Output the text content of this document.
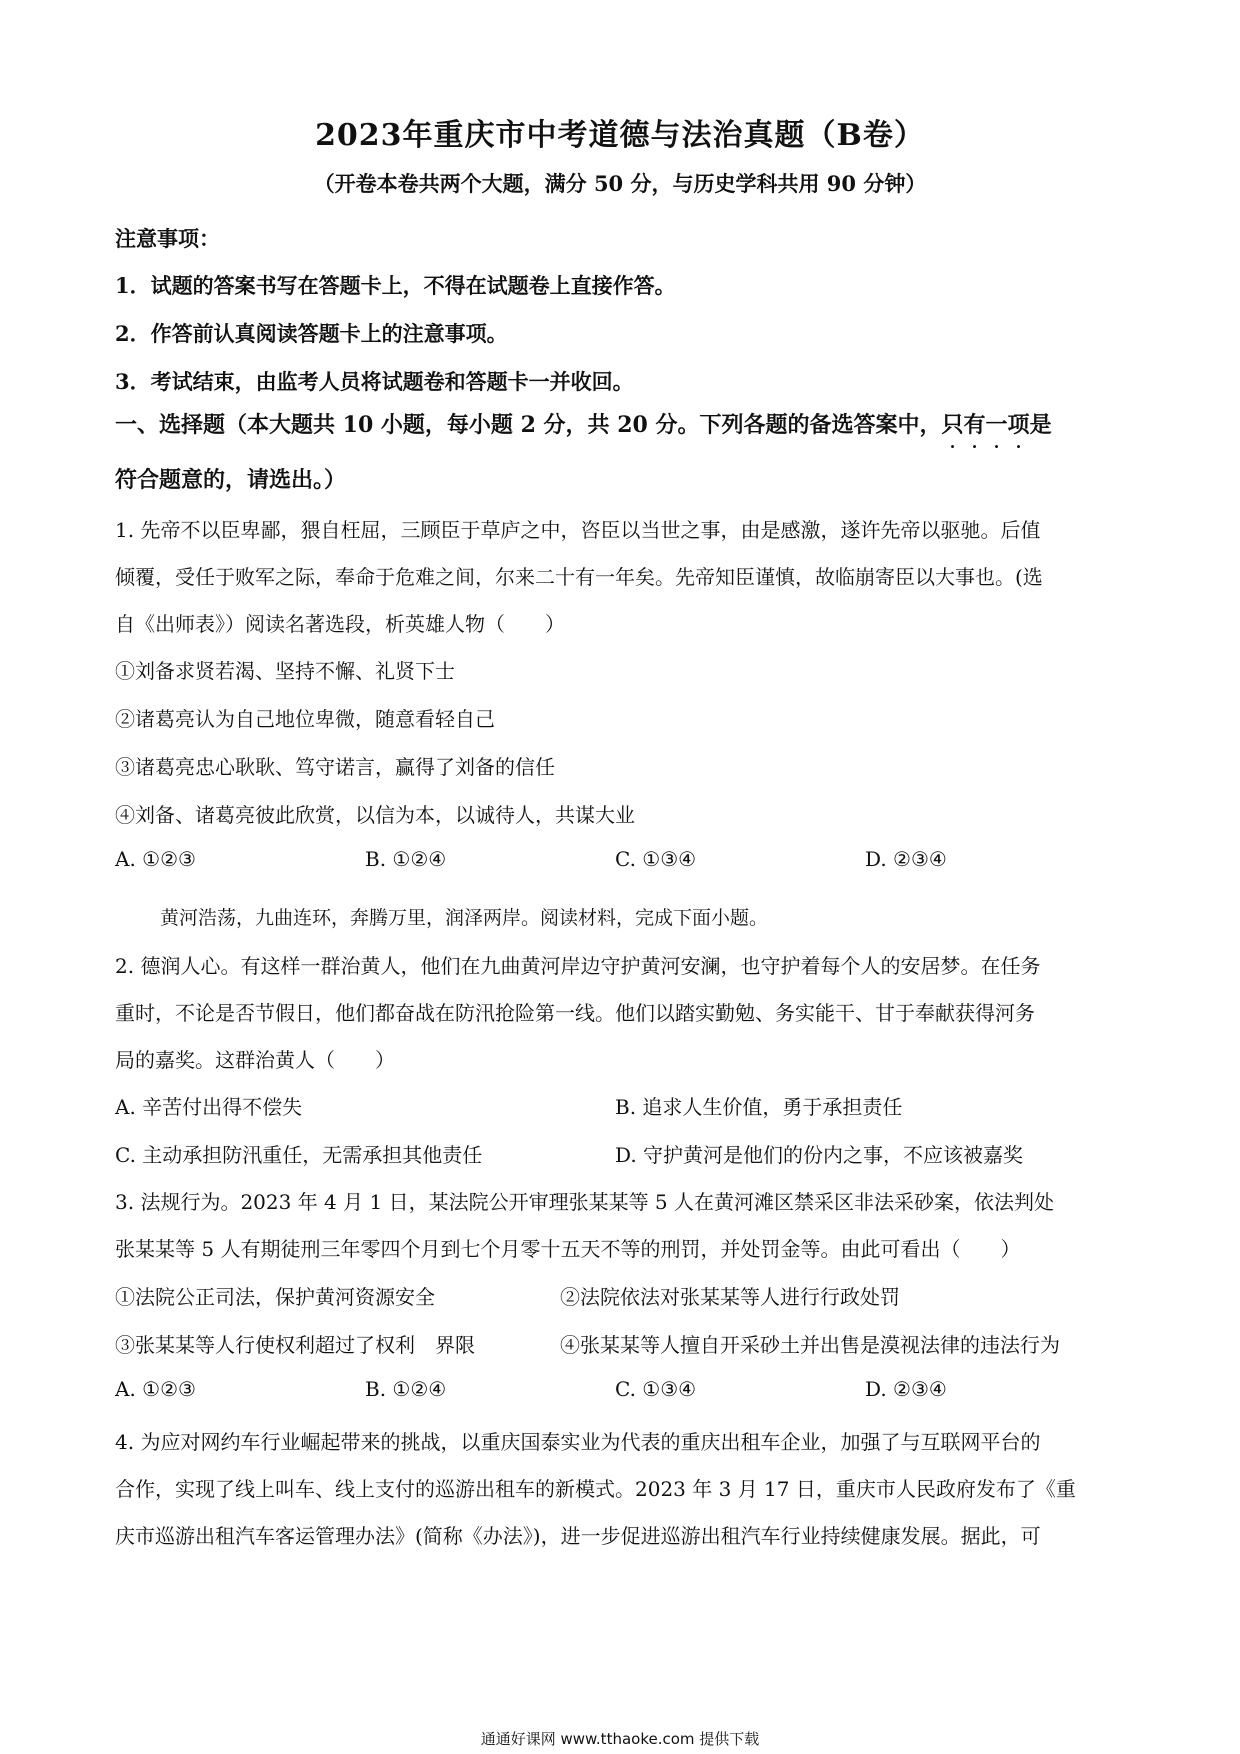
2023年重庆市中考道德与法治真题（B卷）
（开卷本卷共两个大题，满分 50 分，与历史学科共用 90 分钟）
注意事项：
1．试题的答案书写在答题卡上，不得在试题卷上直接作答。
2．作答前认真阅读答题卡上的注意事项。
3．考试结束，由监考人员将试题卷和答题卡一并收回。
一、选择题（本大题共 10 小题，每小题 2 分，共 20 分。下列各题的备选答案中，只有一项是
符合题意的，请选出。）
1. 先帝不以臣卑鄙，猥自枉屈，三顾臣于草庐之中，咨臣以当世之事，由是感激，遂许先帝以驱驰。后值
倾覆，受任于败军之际，奉命于危难之间，尔来二十有一年矣。先帝知臣谨慎，故临崩寄臣以大事也。(选
自《出师表》）阅读名著选段，析英雄人物（　　）
①刘备求贤若渴、坚持不懈、礼贤下士
②诸葛亮认为自己地位卑微，随意看轻自己
③诸葛亮忠心耿耿、笃守诺言，赢得了刘备的信任
④刘备、诸葛亮彼此欣赏，以信为本，以诚待人，共谋大业
A. ①②③	B. ①②④	C. ①③④	D. ②③④
黄河浩荡，九曲连环，奔腾万里，润泽两岸。阅读材料，完成下面小题。
2. 德润人心。有这样一群治黄人，他们在九曲黄河岸边守护黄河安澜，也守护着每个人的安居梦。在任务
重时，不论是否节假日，他们都奋战在防汛抢险第一线。他们以踏实勤勉、务实能干、甘于奉献获得河务
局的嘉奖。这群治黄人（　　）
A. 辛苦付出得不偿失	B. 追求人生价值，勇于承担责任
C. 主动承担防汛重任，无需承担其他责任	D. 守护黄河是他们的份内之事，不应该被嘉奖
3. 法规行为。2023 年 4 月 1 日，某法院公开审理张某某等 5 人在黄河滩区禁采区非法采砂案，依法判处
张某某等 5 人有期徒刑三年零四个月到七个月零十五天不等的刑罚，并处罚金等。由此可看出（　　）
①法院公正司法，保护黄河资源安全	②法院依法对张某某等人进行行政处罚
③张某某等人行使权利超过了权利　界限	④张某某等人擅自开采砂土并出售是漠视法律的违法行为
A. ①②③	B. ①②④	C. ①③④	D. ②③④
4. 为应对网约车行业崛起带来的挑战，以重庆国泰实业为代表的重庆出租车企业，加强了与互联网平台的
合作，实现了线上叫车、线上支付的巡游出租车的新模式。2023 年 3 月 17 日，重庆市人民政府发布了《重
庆市巡游出租汽车客运管理办法》(简称《办法》)，进一步促进巡游出租汽车行业持续健康发展。据此，可
通通好课网 www.tthaoke.com 提供下载
